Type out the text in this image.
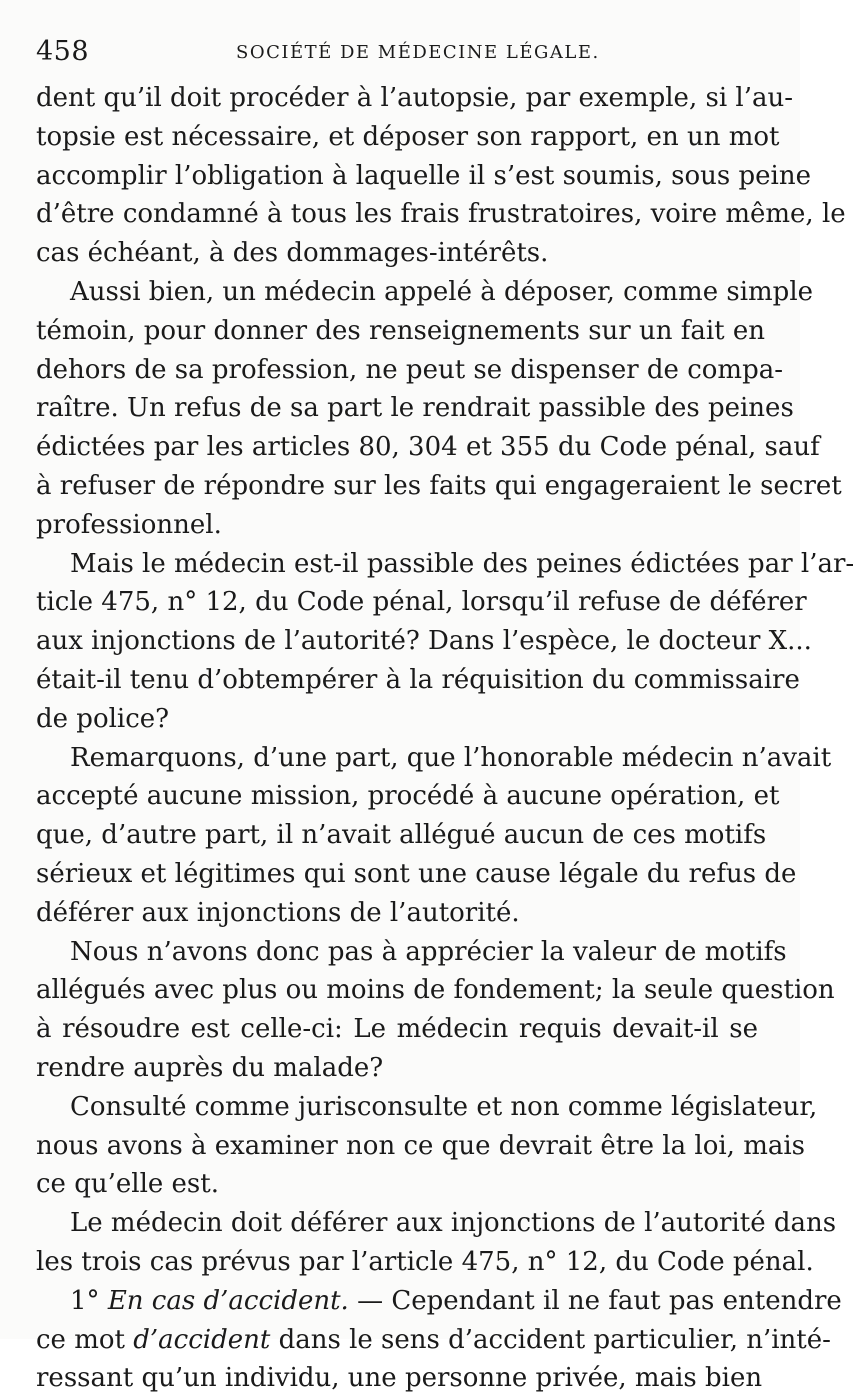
458	SOCIÉTÉ DE MÉDECINE LÉGALE.
dent qu’il doit procéder à l’autopsie, par exemple, si l’au-
topsie est nécessaire, et déposer son rapport, en un mot
accomplir l’obligation à laquelle il s’est soumis, sous peine
d’être condamné à tous les frais frustratoires, voire même, le
cas échéant, à des dommages-intérêts.
Aussi bien, un médecin appelé à déposer, comme simple
témoin, pour donner des renseignements sur un fait en
dehors de sa profession, ne peut se dispenser de compa-
raître. Un refus de sa part le rendrait passible des peines
édictées par les articles 80, 304 et 355 du Code pénal, sauf
à refuser de répondre sur les faits qui engageraient le secret
professionnel.
Mais le médecin est-il passible des peines édictées par l’ar-
ticle 475, n° 12, du Code pénal, lorsqu’il refuse de déférer
aux injonctions de l’autorité? Dans l’espèce, le docteur X...
était-il tenu d’obtempérer à la réquisition du commissaire
de police?
Remarquons, d’une part, que l’honorable médecin n’avait
accepté aucune mission, procédé à aucune opération, et
que, d’autre part, il n’avait allégué aucun de ces motifs
sérieux et légitimes qui sont une cause légale du refus de
déférer aux injonctions de l’autorité.
Nous n’avons donc pas à apprécier la valeur de motifs
allégués avec plus ou moins de fondement; la seule question
à résoudre est celle-ci: Le médecin requis devait-il se
rendre auprès du malade?
Consulté comme jurisconsulte et non comme législateur,
nous avons à examiner non ce que devrait être la loi, mais
ce qu’elle est.
Le médecin doit déférer aux injonctions de l’autorité dans
les trois cas prévus par l’article 475, n° 12, du Code pénal.
1° En cas d’accident. — Cependant il ne faut pas entendre
ce mot d’accident dans le sens d’accident particulier, n’inté-
ressant qu’un individu, une personne privée, mais bien
